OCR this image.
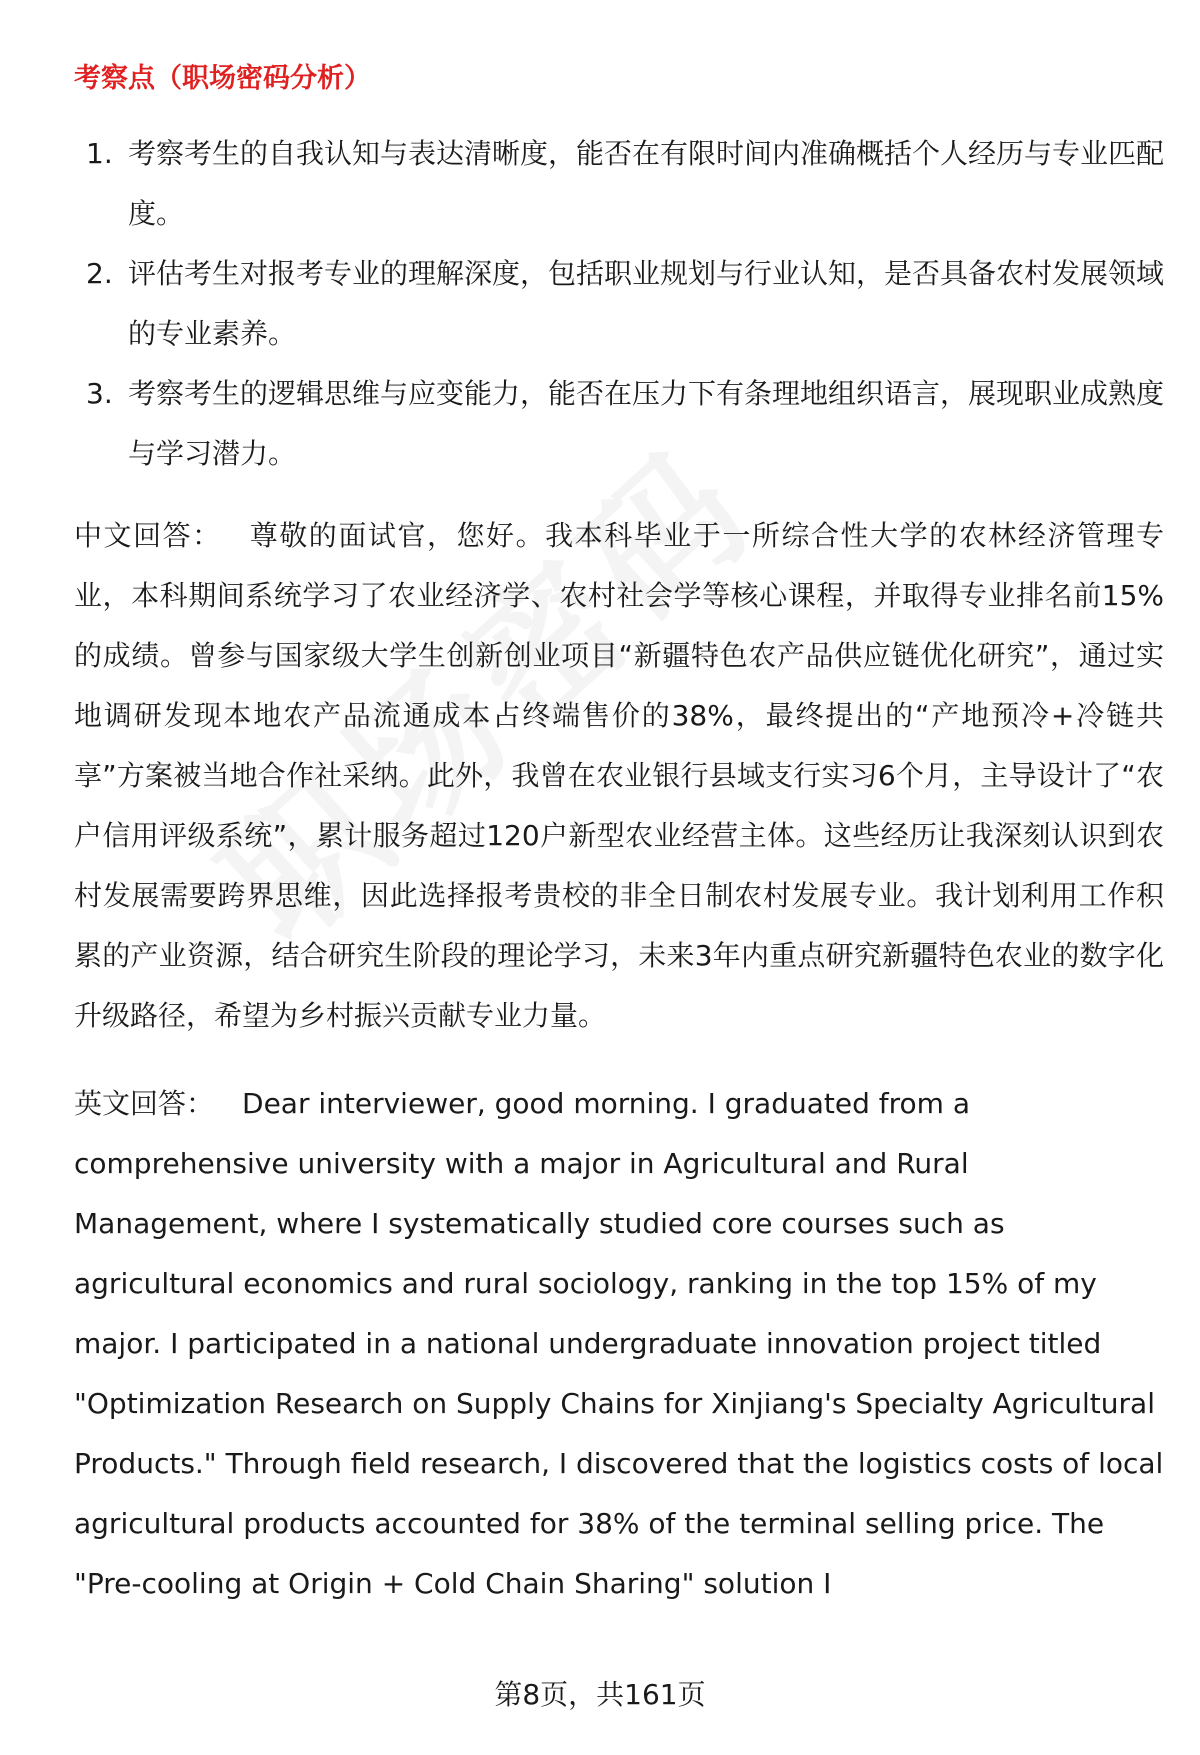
考察点（职场密码分析）
1. 考察考生的自我认知与表达清晰度，能否在有限时间内准确概括个人经历与专业匹配度。
2. 评估考生对报考专业的理解深度，包括职业规划与行业认知，是否具备农村发展领域的专业素养。
3. 考察考生的逻辑思维与应变能力，能否在压力下有条理地组织语言，展现职业成熟度与学习潜力。

中文回答： 尊敬的面试官，您好。我本科毕业于一所综合性大学的农林经济管理专业，本科期间系统学习了农业经济学、农村社会学等核心课程，并取得专业排名前15%的成绩。曾参与国家级大学生创新创业项目“新疆特色农产品供应链优化研究”，通过实地调研发现本地农产品流通成本占终端售价的38%，最终提出的“产地预冷+冷链共享”方案被当地合作社采纳。此外，我曾在农业银行县域支行实习6个月，主导设计了“农户信用评级系统”，累计服务超过120户新型农业经营主体。这些经历让我深刻认识到农村发展需要跨界思维，因此选择报考贵校的非全日制农村发展专业。我计划利用工作积累的产业资源，结合研究生阶段的理论学习，未来3年内重点研究新疆特色农业的数字化升级路径，希望为乡村振兴贡献专业力量。

英文回答： Dear interviewer, good morning. I graduated from a comprehensive university with a major in Agricultural and Rural Management, where I systematically studied core courses such as agricultural economics and rural sociology, ranking in the top 15% of my major. I participated in a national undergraduate innovation project titled "Optimization Research on Supply Chains for Xinjiang's Specialty Agricultural Products." Through field research, I discovered that the logistics costs of local agricultural products accounted for 38% of the terminal selling price. The "Pre-cooling at Origin + Cold Chain Sharing" solution I

第8页，共161页
